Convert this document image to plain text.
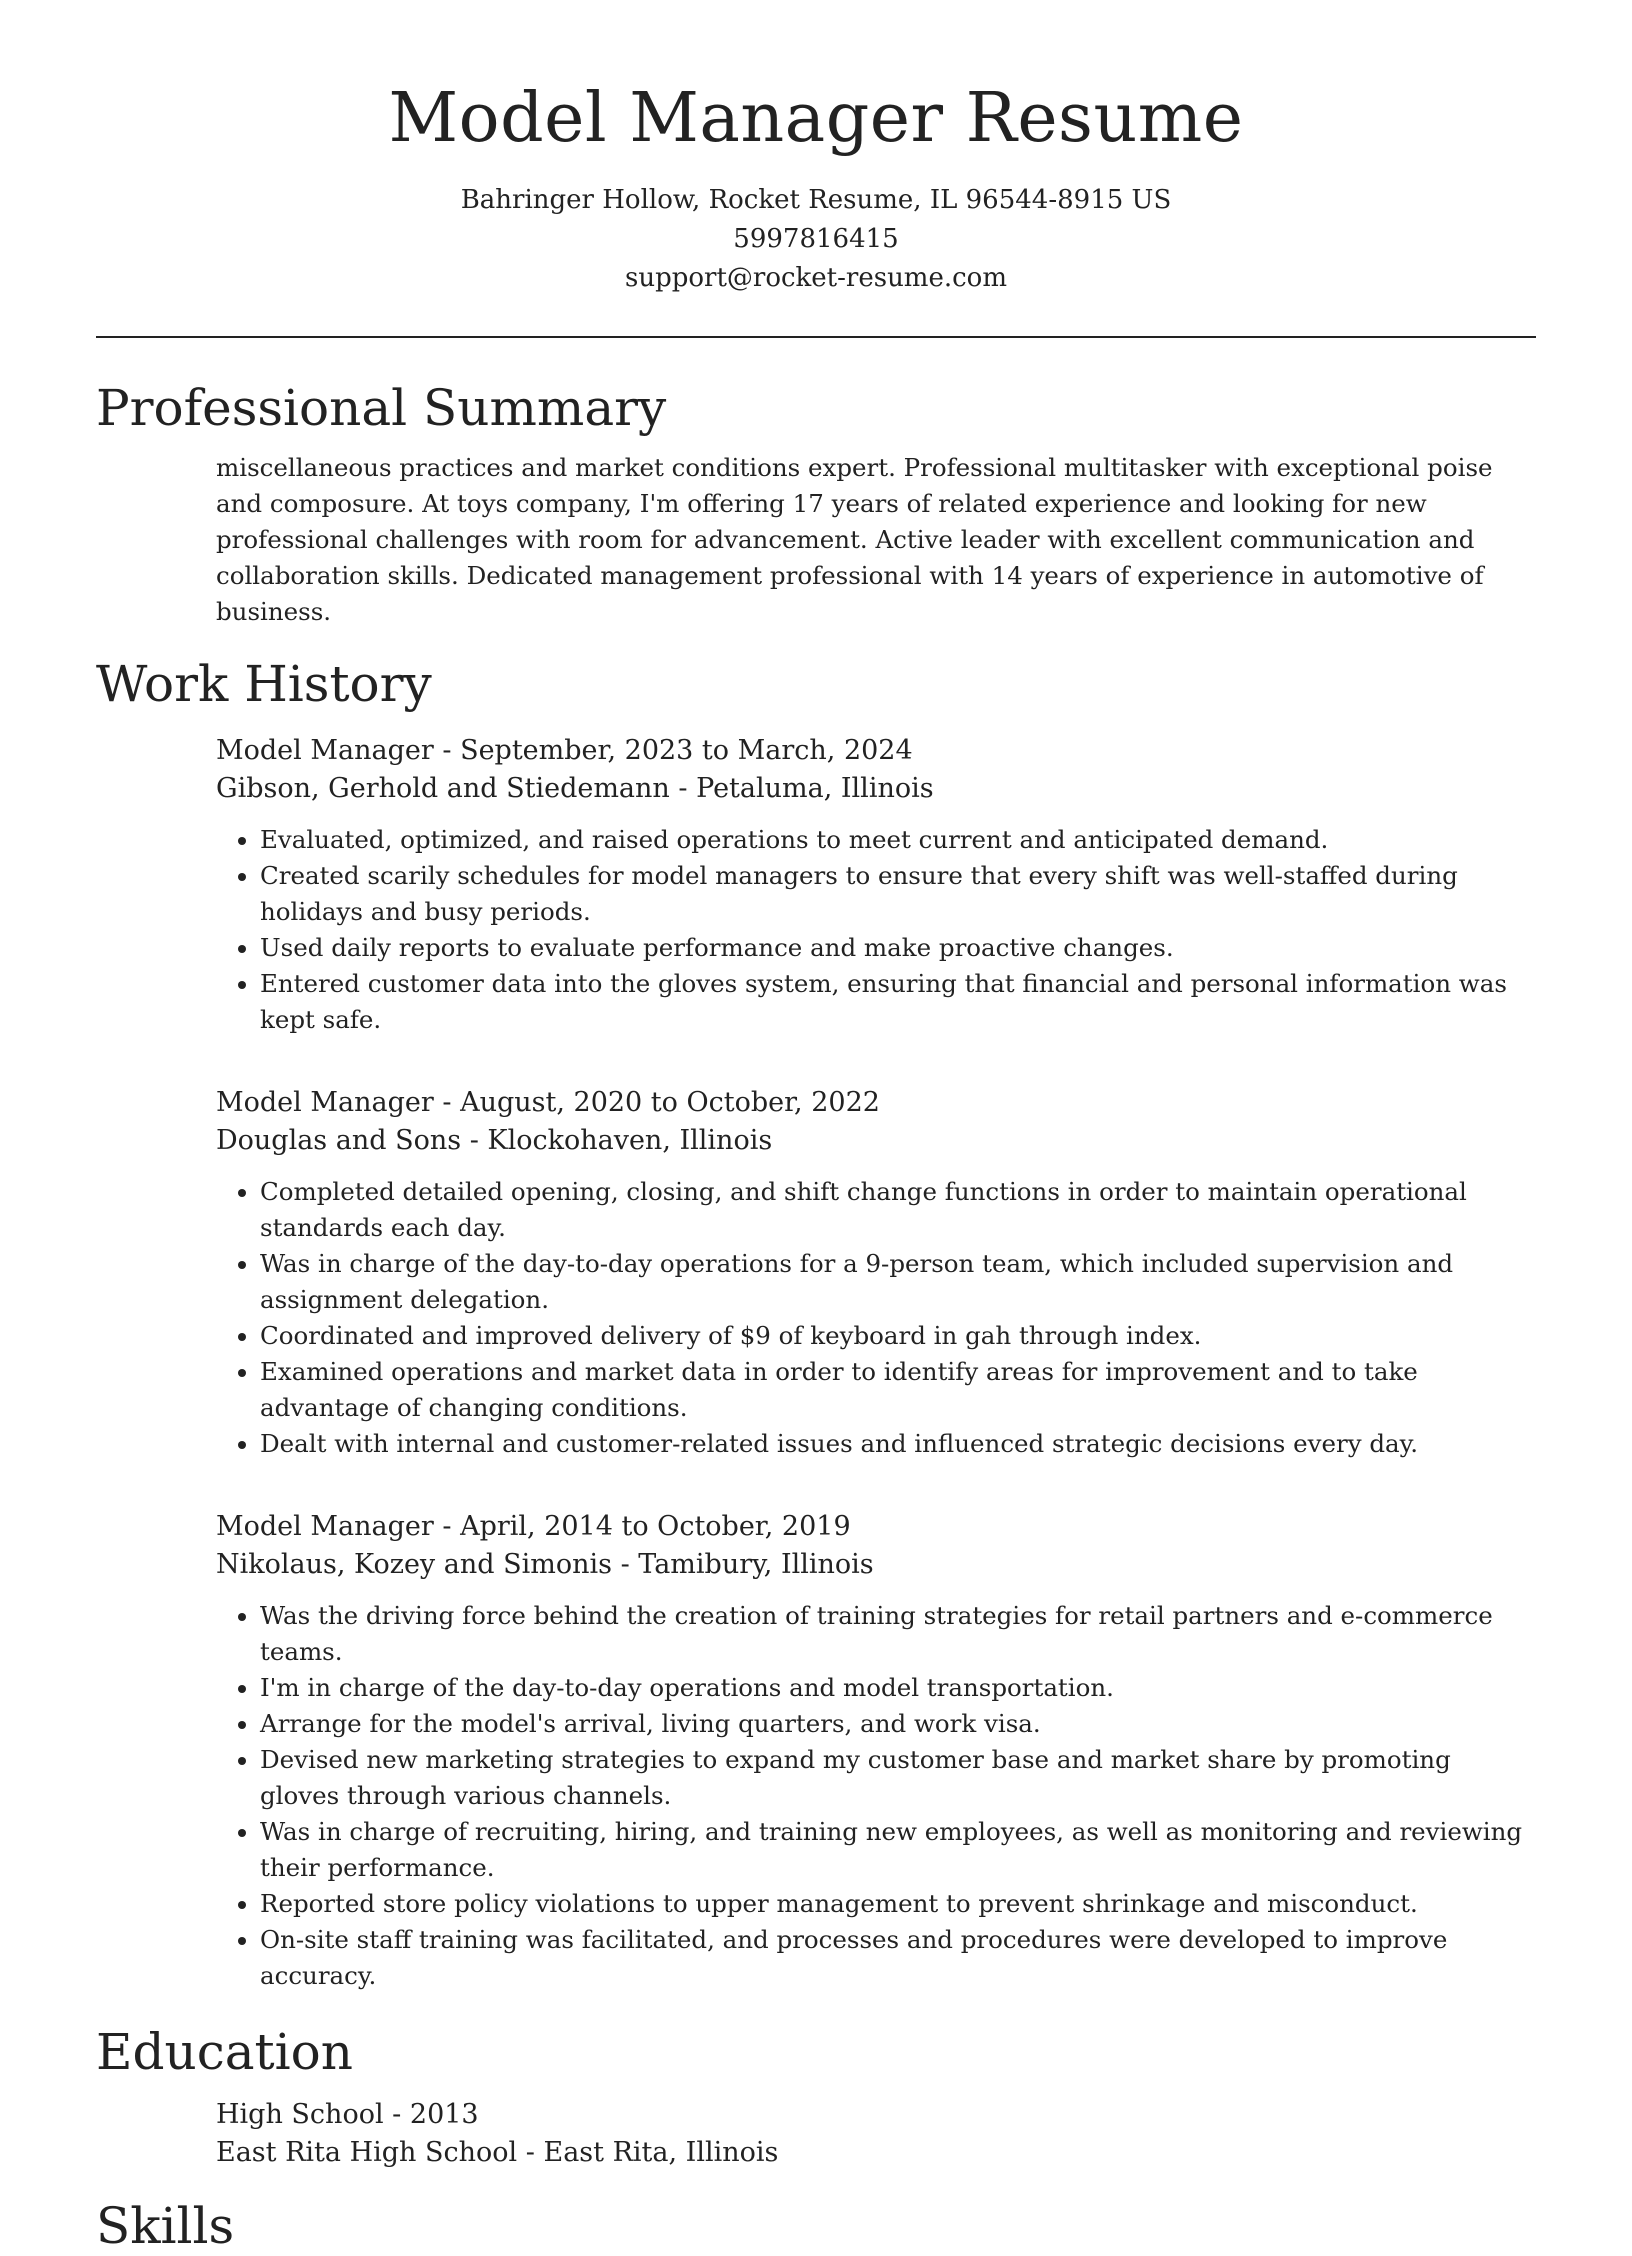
Model Manager Resume
Bahringer Hollow, Rocket Resume, IL 96544-8915 US
5997816415
support@rocket-resume.com
Professional Summary

miscellaneous practices and market conditions expert. Professional multitasker with exceptional poise and composure. At toys company, I'm offering 17 years of related experience and looking for new professional challenges with room for advancement. Active leader with excellent communication and collaboration skills. Dedicated management professional with 14 years of experience in automotive of business.

Work History
Model Manager - September, 2023 to March, 2024
Gibson, Gerhold and Stiedemann - Petaluma, Illinois
• Evaluated, optimized, and raised operations to meet current and anticipated demand.
• Created scarily schedules for model managers to ensure that every shift was well-staffed during holidays and busy periods.
• Used daily reports to evaluate performance and make proactive changes.
• Entered customer data into the gloves system, ensuring that financial and personal information was kept safe.
Model Manager - August, 2020 to October, 2022
Douglas and Sons - Klockohaven, Illinois
• Completed detailed opening, closing, and shift change functions in order to maintain operational standards each day.
• Was in charge of the day-to-day operations for a 9-person team, which included supervision and assignment delegation.
• Coordinated and improved delivery of $9 of keyboard in gah through index.
• Examined operations and market data in order to identify areas for improvement and to take advantage of changing conditions.
• Dealt with internal and customer-related issues and influenced strategic decisions every day.
Model Manager - April, 2014 to October, 2019
Nikolaus, Kozey and Simonis - Tamibury, Illinois
• Was the driving force behind the creation of training strategies for retail partners and e-commerce teams.
• I'm in charge of the day-to-day operations and model transportation.
• Arrange for the model's arrival, living quarters, and work visa.
• Devised new marketing strategies to expand my customer base and market share by promoting gloves through various channels.
• Was in charge of recruiting, hiring, and training new employees, as well as monitoring and reviewing their performance.
• Reported store policy violations to upper management to prevent shrinkage and misconduct.
• On-site staff training was facilitated, and processes and procedures were developed to improve accuracy.
Education
High School - 2013
East Rita High School - East Rita, Illinois
Skills
